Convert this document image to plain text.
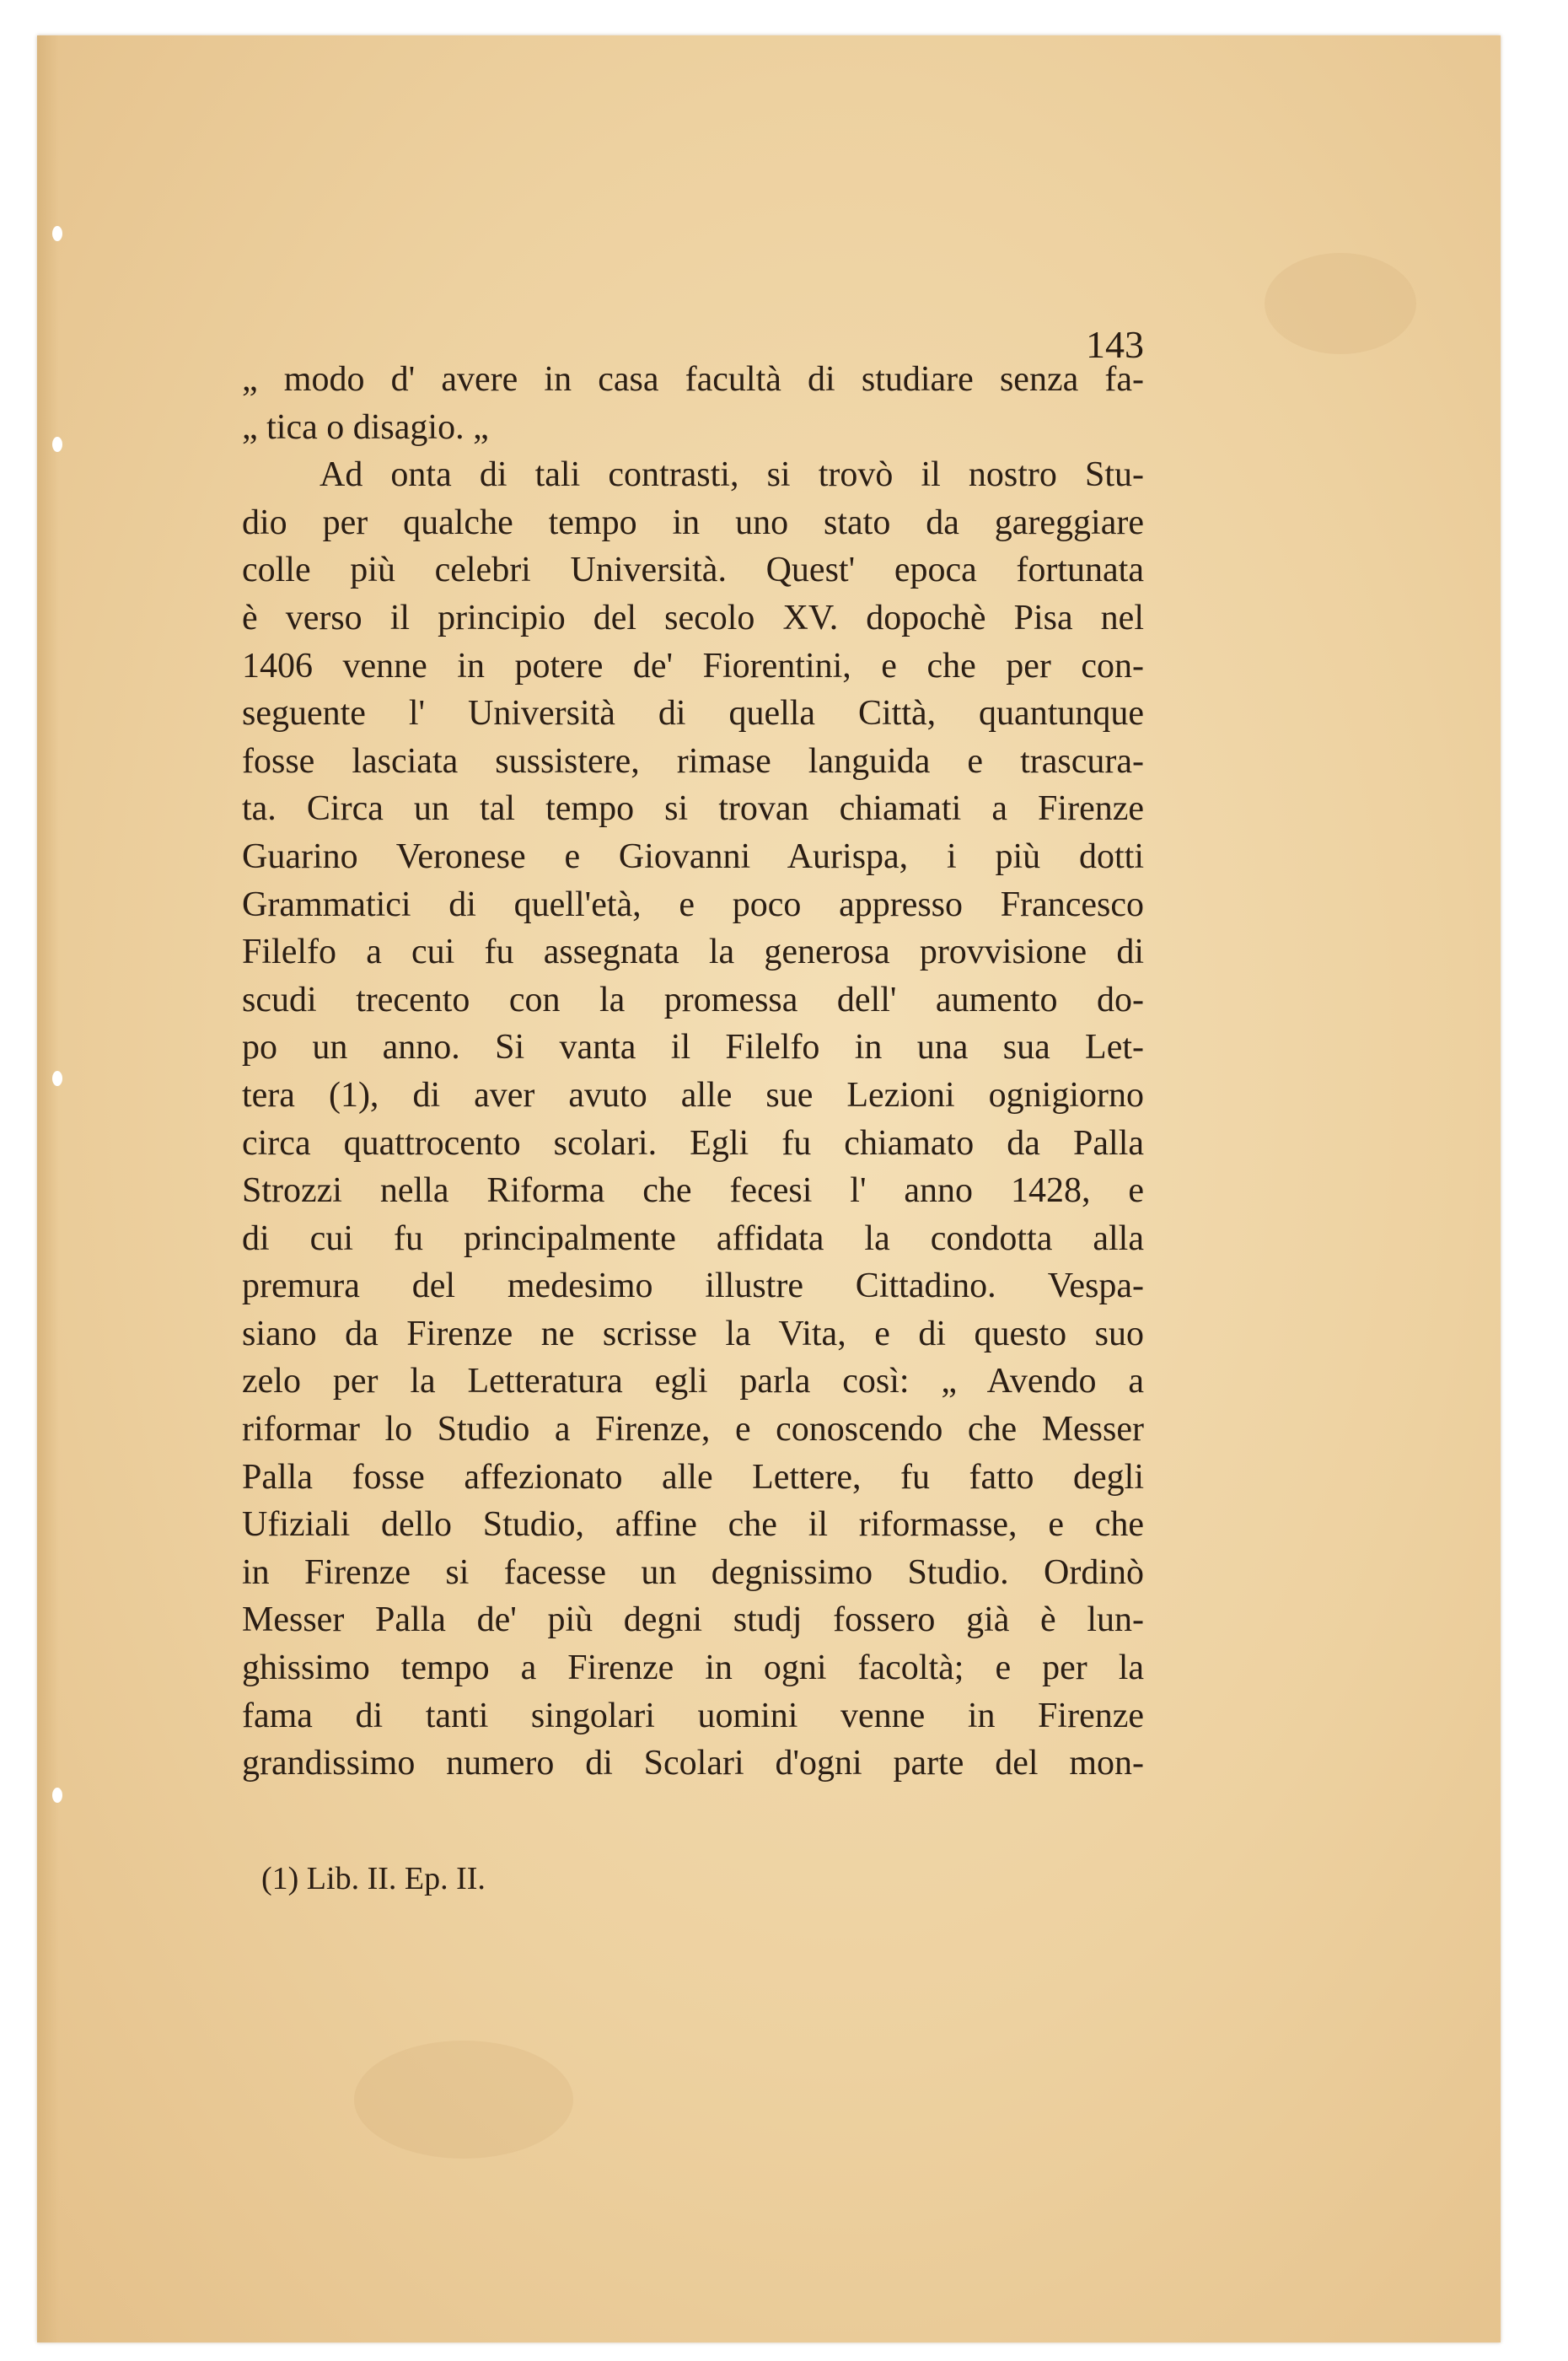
143
„ modo d' avere in casa facultà di studiare senza fa-
„ tica o disagio. „
Ad onta di tali contrasti, si trovò il nostro Stu-
dio per qualche tempo in uno stato da gareggiare
colle più celebri Università. Quest' epoca fortunata
è verso il principio del secolo XV. dopochè Pisa nel
1406 venne in potere de' Fiorentini, e che per con-
seguente l' Università di quella Città, quantunque
fosse lasciata sussistere, rimase languida e trascura-
ta. Circa un tal tempo si trovan chiamati a Firenze
Guarino Veronese e Giovanni Aurispa, i più dotti
Grammatici di quell'età, e poco appresso Francesco
Filelfo a cui fu assegnata la generosa provvisione di
scudi trecento con la promessa dell' aumento do-
po un anno. Si vanta il Filelfo in una sua Let-
tera (1), di aver avuto alle sue Lezioni ognigiorno
circa quattrocento scolari. Egli fu chiamato da Palla
Strozzi nella Riforma che fecesi l' anno 1428, e
di cui fu principalmente affidata la condotta alla
premura del medesimo illustre Cittadino. Vespa-
siano da Firenze ne scrisse la Vita, e di questo suo
zelo per la Letteratura egli parla così: „ Avendo a
riformar lo Studio a Firenze, e conoscendo che Messer
Palla fosse affezionato alle Lettere, fu fatto degli
Ufiziali dello Studio, affine che il riformasse, e che
in Firenze si facesse un degnissimo Studio. Ordinò
Messer Palla de' più degni studj fossero già è lun-
ghissimo tempo a Firenze in ogni facoltà; e per la
fama di tanti singolari uomini venne in Firenze
grandissimo numero di Scolari d'ogni parte del mon-
(1) Lib. II. Ep. II.
